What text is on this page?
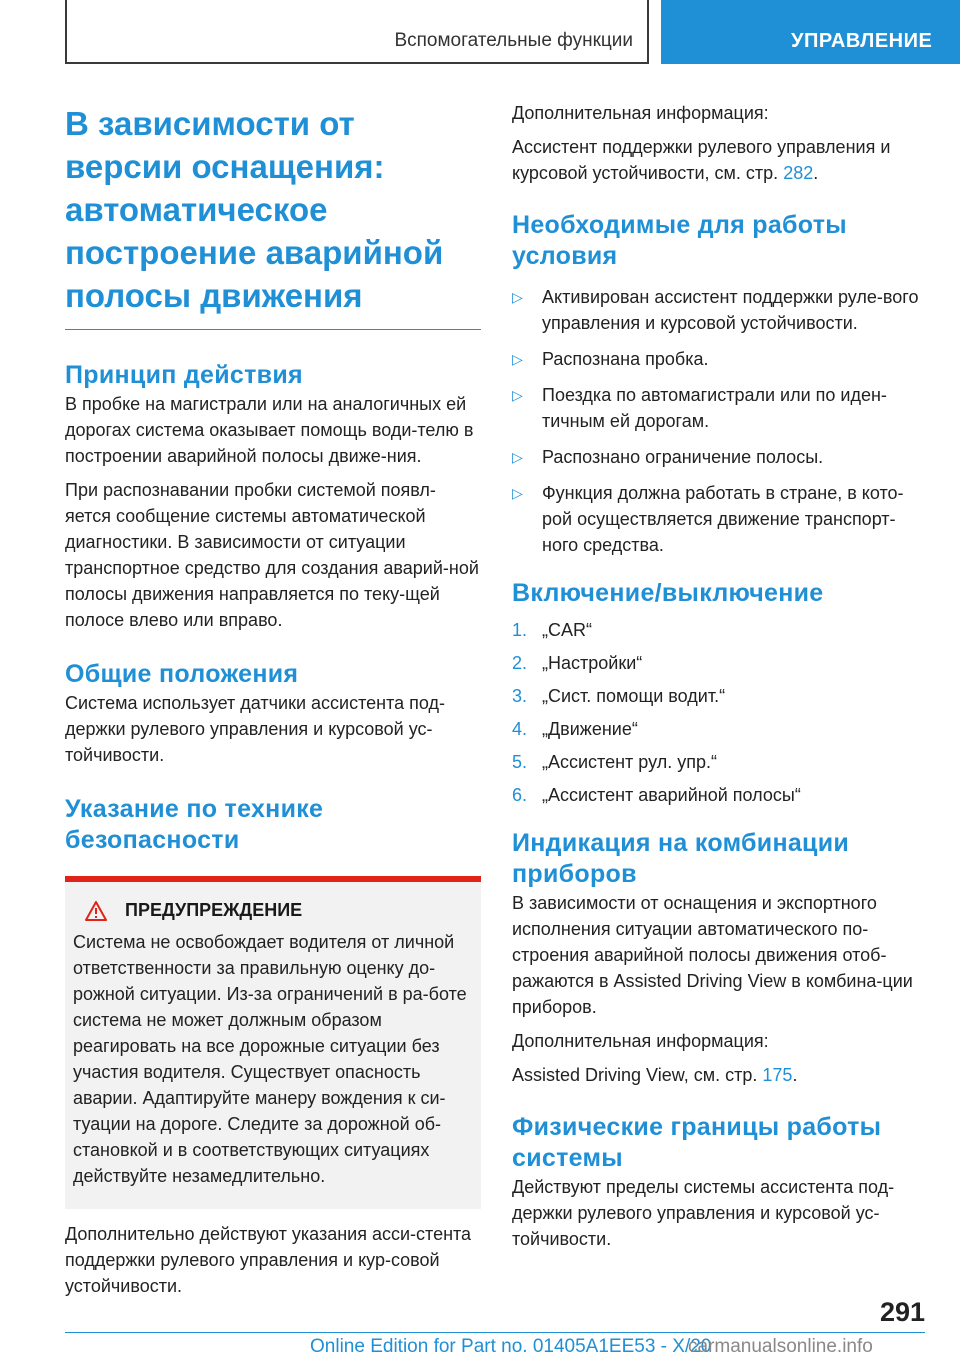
Вспомогательные функции	УПРАВЛЕНИЕ
В зависимости от версии оснащения: автоматическое построение аварийной полосы движения
Принцип действия

В пробке на магистрали или на аналогичных ей дорогах система оказывает помощь води-телю в построении аварийной полосы движе-ния.

При распознавании пробки системой появл-яется сообщение системы автоматической диагностики. В зависимости от ситуации транспортное средство для создания аварий-ной полосы движения направляется по теку-щей полосе влево или вправо.

Общие положения

Система использует датчики ассистента под-держки рулевого управления и курсовой ус-тойчивости.

Указание по технике безопасности
ПРЕДУПРЕЖДЕНИЕ

Система не освобождает водителя от личной ответственности за правильную оценку до-рожной ситуации. Из-за ограничений в ра-боте система не может должным образом реагировать на все дорожные ситуации без участия водителя. Существует опасность аварии. Адаптируйте манеру вождения к си-туации на дороге. Следите за дорожной об-становкой и в соответствующих ситуациях действуйте незамедлительно.

Дополнительно действуют указания асси-стента поддержки рулевого управления и кур-совой устойчивости.

Дополнительная информация:

Ассистент поддержки рулевого управления и курсовой устойчивости, см. стр. 282.

Необходимые для работы условия
▷ Активирован ассистент поддержки руле-вого управления и курсовой устойчивости.
▷ Распознана пробка.
▷ Поездка по автомагистрали или по иден-тичным ей дорогам.
▷ Распознано ограничение полосы.
▷ Функция должна работать в стране, в кото-рой осуществляется движение транспорт-ного средства.
Включение/выключение
1. „CAR“
2. „Настройки“
3. „Сист. помощи водит.“
4. „Движение“
5. „Ассистент рул. упр.“
6. „Ассистент аварийной полосы“
Индикация на комбинации приборов

В зависимости от оснащения и экспортного исполнения ситуации автоматического по-строения аварийной полосы движения отоб-ражаются в Assisted Driving View в комбина-ции приборов.

Дополнительная информация:

Assisted Driving View, см. стр. 175.

Физические границы работы системы

Действуют пределы системы ассистента под-держки рулевого управления и курсовой ус-тойчивости.

291
Online Edition for Part no. 01405A1EE53 - X/20
carmanualsonline.info
